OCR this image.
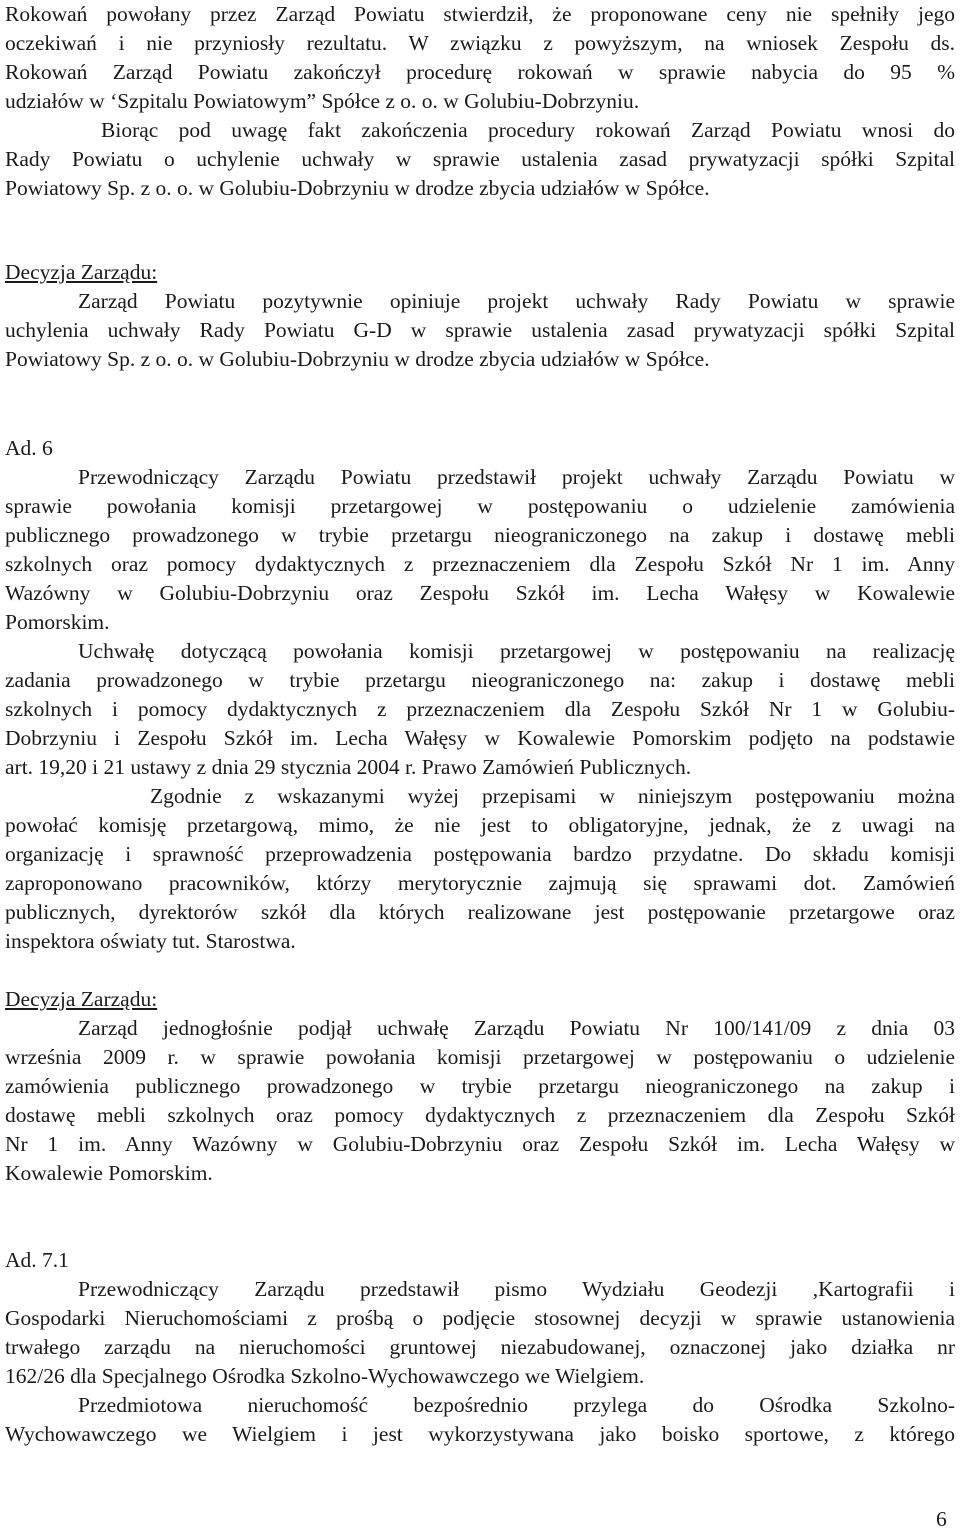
Rokowań powołany przez Zarząd Powiatu stwierdził, że proponowane ceny nie spełniły jego
oczekiwań i nie przyniosły rezultatu. W związku z powyższym, na wniosek Zespołu ds.
Rokowań Zarząd Powiatu zakończył procedurę rokowań w sprawie nabycia do 95 %
udziałów w ‘Szpitalu Powiatowym” Spółce z o. o. w Golubiu-Dobrzyniu.
Biorąc pod uwagę fakt zakończenia procedury rokowań Zarząd Powiatu wnosi do
Rady Powiatu o uchylenie uchwały w sprawie ustalenia zasad prywatyzacji spółki Szpital
Powiatowy Sp. z o. o. w Golubiu-Dobrzyniu w drodze zbycia udziałów w Spółce.
Decyzja Zarządu:
Zarząd Powiatu pozytywnie opiniuje projekt uchwały Rady Powiatu w sprawie
uchylenia uchwały Rady Powiatu G-D w sprawie ustalenia zasad prywatyzacji spółki Szpital
Powiatowy Sp. z o. o. w Golubiu-Dobrzyniu w drodze zbycia udziałów w Spółce.
Ad. 6
Przewodniczący Zarządu Powiatu przedstawił projekt uchwały Zarządu Powiatu w
sprawie powołania komisji przetargowej w postępowaniu o udzielenie zamówienia
publicznego prowadzonego w trybie przetargu nieograniczonego na zakup i dostawę mebli
szkolnych oraz pomocy dydaktycznych z przeznaczeniem dla Zespołu Szkół Nr 1 im. Anny
Wazówny w Golubiu-Dobrzyniu oraz Zespołu Szkół im. Lecha Wałęsy w Kowalewie
Pomorskim.
Uchwałę dotyczącą powołania komisji przetargowej w postępowaniu na realizację
zadania prowadzonego w trybie przetargu nieograniczonego na: zakup i dostawę mebli
szkolnych i pomocy dydaktycznych z przeznaczeniem dla Zespołu Szkół Nr 1 w Golubiu-
Dobrzyniu i Zespołu Szkół im. Lecha Wałęsy w Kowalewie Pomorskim podjęto na podstawie
art. 19,20 i 21 ustawy z dnia 29 stycznia 2004 r. Prawo Zamówień Publicznych.
Zgodnie z wskazanymi wyżej przepisami w niniejszym postępowaniu można
powołać komisję przetargową, mimo, że nie jest to obligatoryjne, jednak, że z uwagi na
organizację i sprawność przeprowadzenia postępowania bardzo przydatne. Do składu komisji
zaproponowano pracowników, którzy merytorycznie zajmują się sprawami dot. Zamówień
publicznych, dyrektorów szkół dla których realizowane jest postępowanie przetargowe oraz
inspektora oświaty tut. Starostwa.
Decyzja Zarządu:
Zarząd jednogłośnie podjął uchwałę Zarządu Powiatu Nr 100/141/09 z dnia 03
września 2009 r. w sprawie powołania komisji przetargowej w postępowaniu o udzielenie
zamówienia publicznego prowadzonego w trybie przetargu nieograniczonego na zakup i
dostawę mebli szkolnych oraz pomocy dydaktycznych z przeznaczeniem dla Zespołu Szkół
Nr 1 im. Anny Wazówny w Golubiu-Dobrzyniu oraz Zespołu Szkół im. Lecha Wałęsy w
Kowalewie Pomorskim.
Ad. 7.1
Przewodniczący Zarządu przedstawił pismo Wydziału Geodezji ,Kartografii i
Gospodarki Nieruchomościami z prośbą o podjęcie stosownej decyzji w sprawie ustanowienia
trwałego zarządu na nieruchomości gruntowej niezabudowanej, oznaczonej jako działka nr
162/26 dla Specjalnego Ośrodka Szkolno-Wychowawczego we Wielgiem.
Przedmiotowa nieruchomość bezpośrednio przylega do Ośrodka Szkolno-
Wychowawczego we Wielgiem i jest wykorzystywana jako boisko sportowe, z którego
6
